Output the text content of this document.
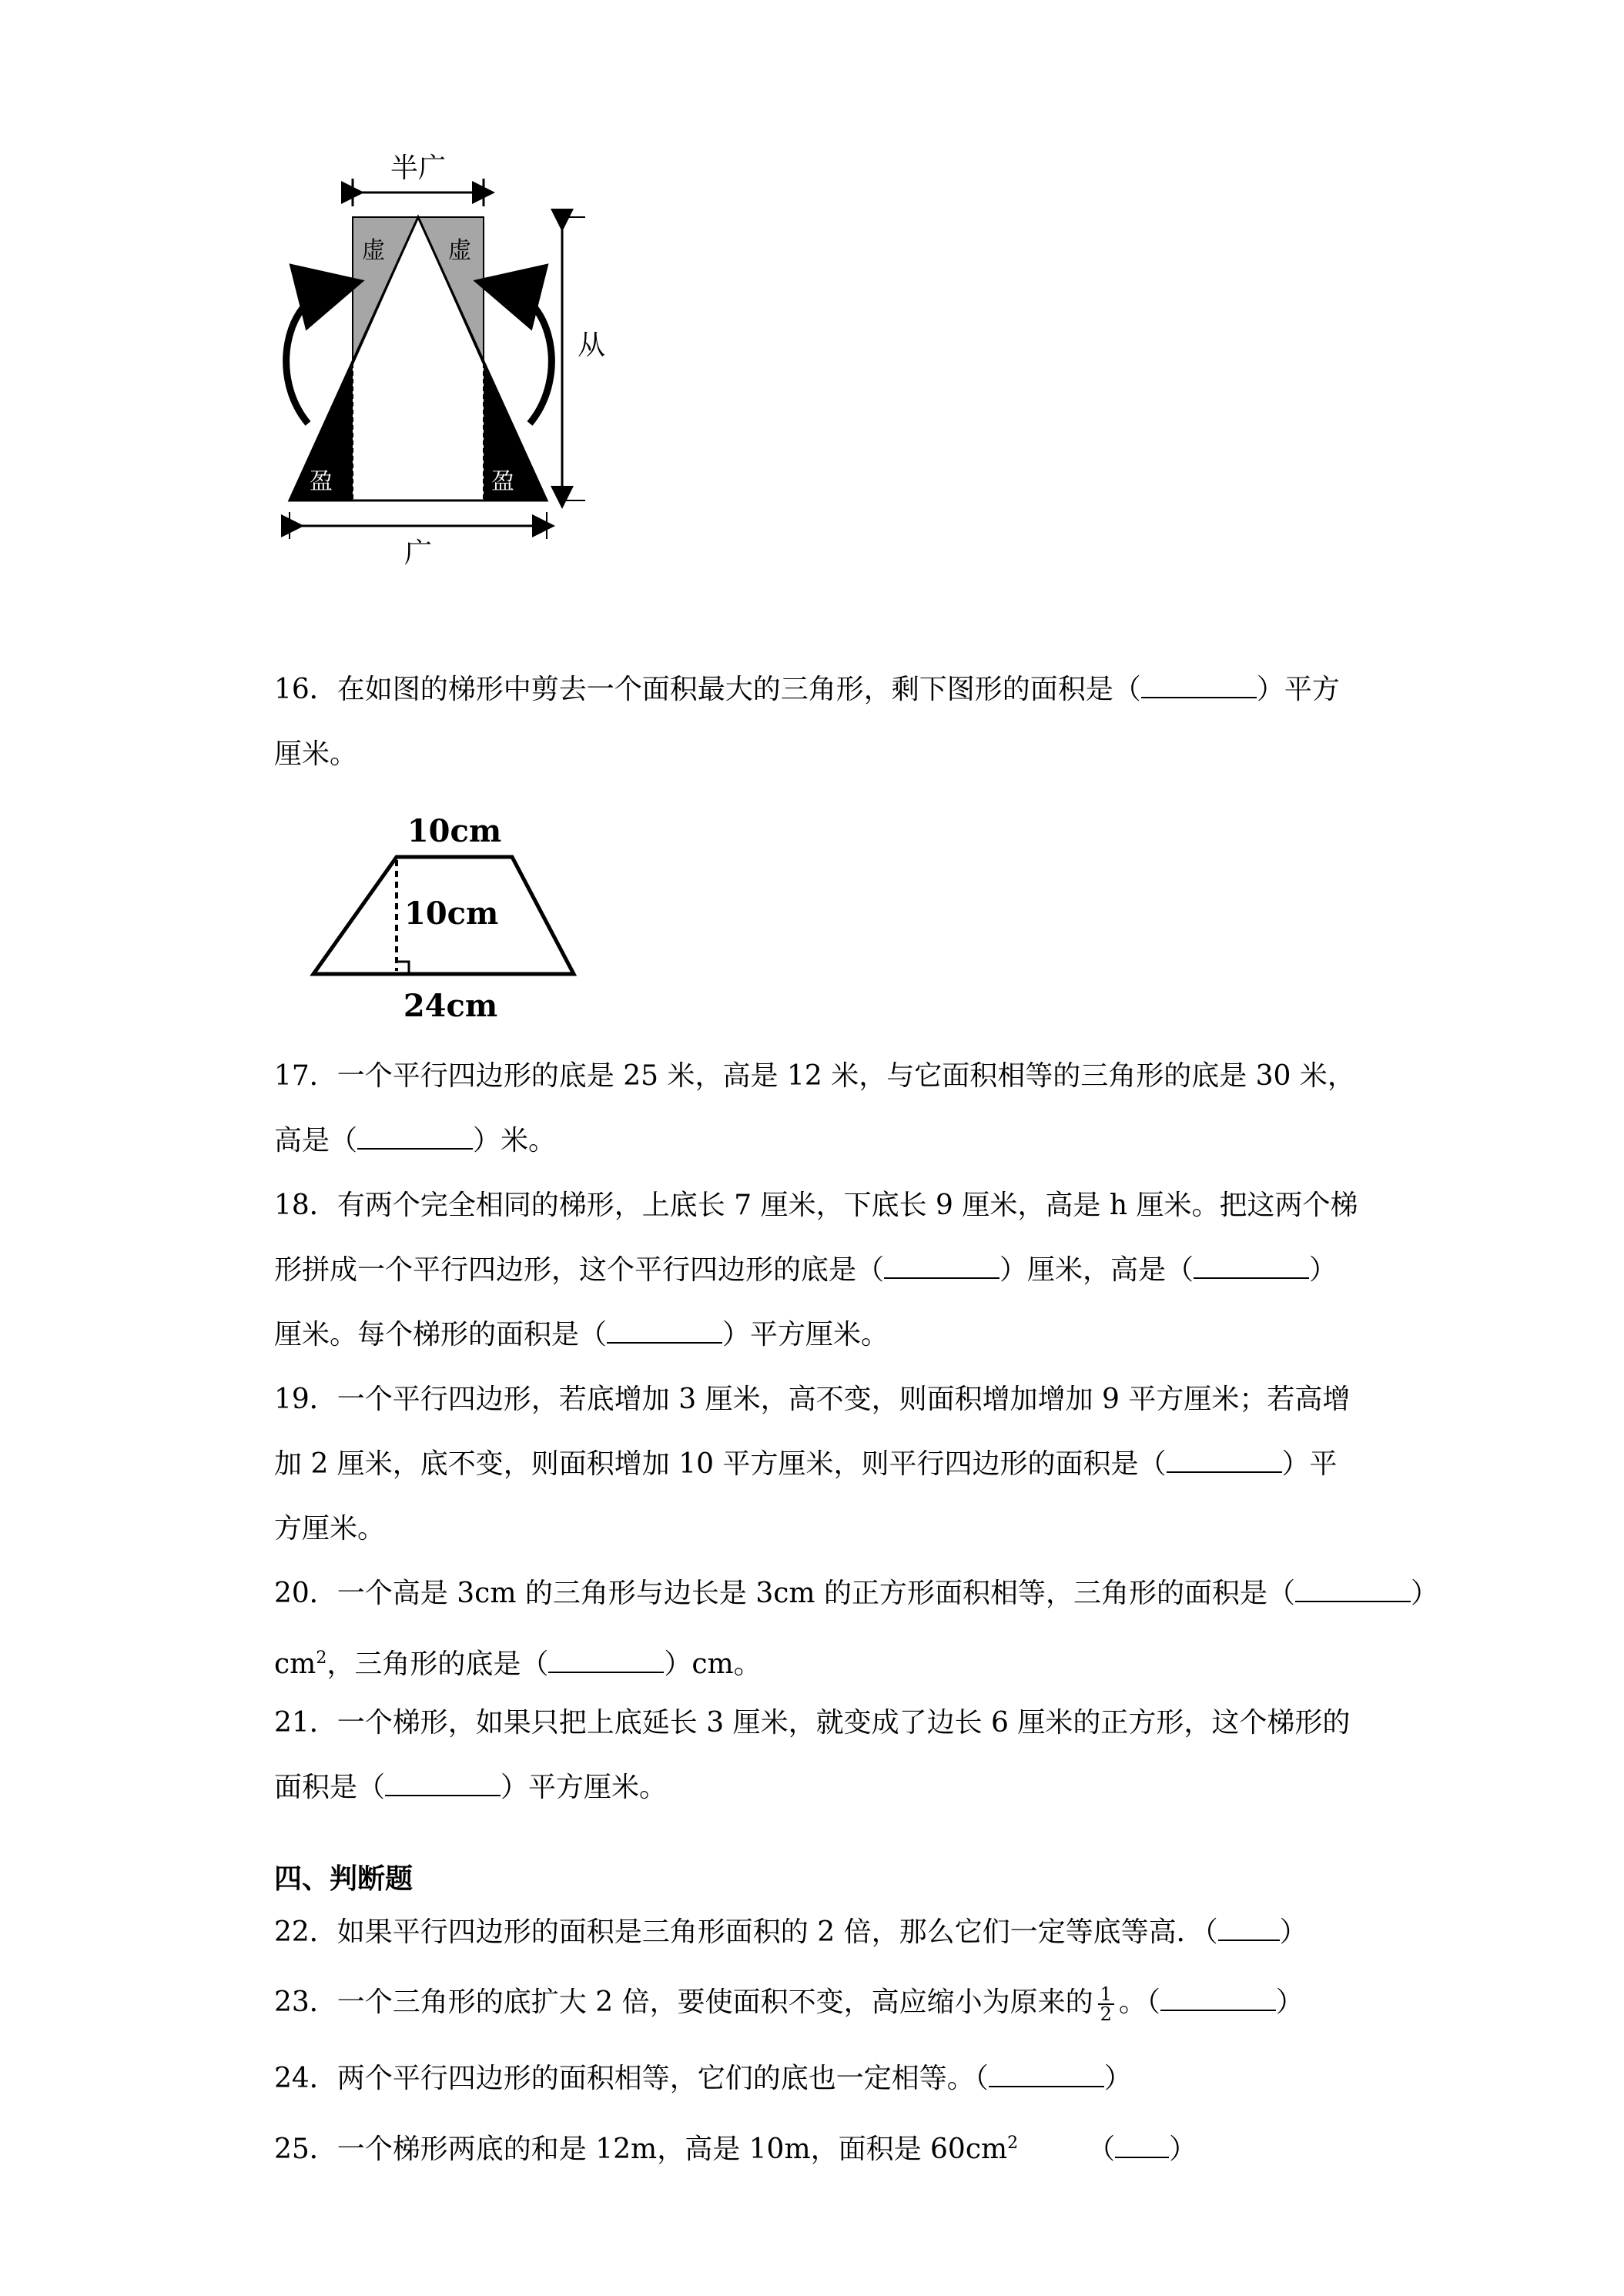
半广
虚	虚
盈	盈
从
广
16．在如图的梯形中剪去一个面积最大的三角形，剩下图形的面积是（	）平方
厘米。
10cm
10cm
24cm
17．一个平行四边形的底是 25 米，高是 12 米，与它面积相等的三角形的底是 30 米，
高是（	）米。
18．有两个完全相同的梯形，上底长 7 厘米，下底长 9 厘米，高是 h 厘米。把这两个梯
形拼成一个平行四边形，这个平行四边形的底是（	）厘米，高是（	）
厘米。每个梯形的面积是（	）平方厘米。
19．一个平行四边形，若底增加 3 厘米，高不变，则面积增加增加 9 平方厘米；若高增
加 2 厘米，底不变，则面积增加 10 平方厘米，则平行四边形的面积是（	）平
方厘米。
20．一个高是 3cm 的三角形与边长是 3cm 的正方形面积相等，三角形的面积是（	）
$cm^2$，三角形的底是（	）cm。
21．一个梯形，如果只把上底延长 3 厘米，就变成了边长 6 厘米的正方形，这个梯形的
面积是（	）平方厘米。
四、判断题
22．如果平行四边形的面积是三角形面积的 2 倍，那么它们一定等底等高．（ ）
23．一个三角形的底扩大 2 倍，要使面积不变，高应缩小为原来的 $\frac{1}{2}$ 。（	）
24．两个平行四边形的面积相等，它们的底也一定相等。（	）
25．一个梯形两底的和是 12m，高是 10m，面积是 $60cm^2$	（ ）
